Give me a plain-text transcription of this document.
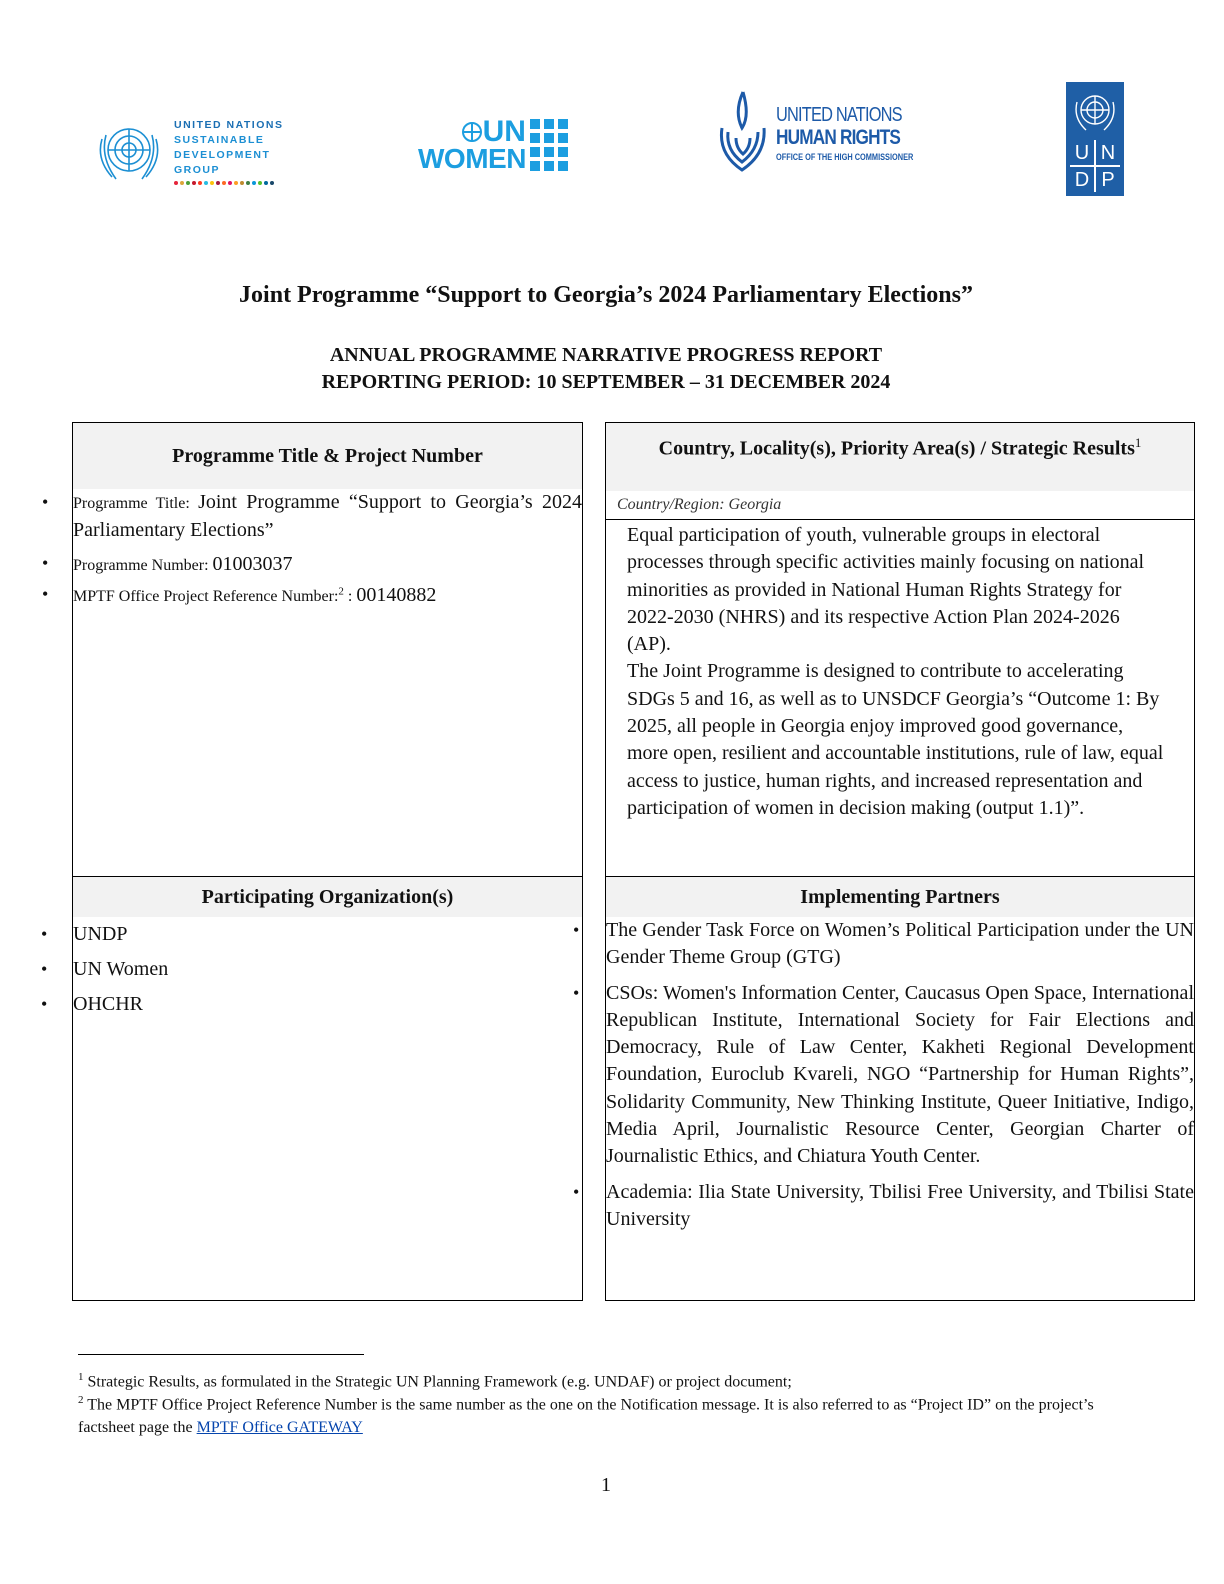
UNITED NATIONS
SUSTAINABLE
DEVELOPMENT
GROUP
UN
WOMEN
UNITED NATIONS
HUMAN RIGHTS
OFFICE OF THE HIGH COMMISSIONER	U N
D P
Joint Programme “Support to Georgia’s 2024 Parliamentary Elections”
ANNUAL PROGRAMME NARRATIVE PROGRESS REPORT
REPORTING PERIOD: 10 SEPTEMBER – 31 DECEMBER 2024
Programme Title & Project Number
• Programme Title: Joint Programme “Support to Georgia’s 2024 Parliamentary Elections”
• Programme Number: 01003037
• MPTF Office Project Reference Number:$^2$ : 00140882
Country, Locality(s), Priority Area(s) / Strategic Results$^1$
Country/Region: Georgia

Equal participation of youth, vulnerable groups in electoral processes through specific activities mainly focusing on national minorities as provided in National Human Rights Strategy for 2022-2030 (NHRS) and its respective Action Plan 2024-2026 (AP).

The Joint Programme is designed to contribute to accelerating SDGs 5 and 16, as well as to UNSDCF Georgia’s “Outcome 1: By 2025, all people in Georgia enjoy improved good governance, more open, resilient and accountable institutions, rule of law, equal access to justice, human rights, and increased representation and participation of women in decision making (output 1.1)”.

Participating Organization(s)
• UNDP
• UN Women
• OHCHR
Implementing Partners
• The Gender Task Force on Women’s Political Participation under the UN Gender Theme Group (GTG)
• CSOs: Women's Information Center, Caucasus Open Space, International Republican Institute, International Society for Fair Elections and Democracy, Rule of Law Center, Kakheti Regional Development Foundation, Euroclub Kvareli, NGO “Partnership for Human Rights”, Solidarity Community, New Thinking Institute, Queer Initiative, Indigo, Media April, Journalistic Resource Center, Georgian Charter of Journalistic Ethics, and Chiatura Youth Center.
• Academia: Ilia State University, Tbilisi Free University, and Tbilisi State University
$^1$ Strategic Results, as formulated in the Strategic UN Planning Framework (e.g. UNDAF) or project document;
$^2$ The MPTF Office Project Reference Number is the same number as the one on the Notification message. It is also referred to as “Project ID” on the project’s factsheet page the MPTF Office GATEWAY
1
